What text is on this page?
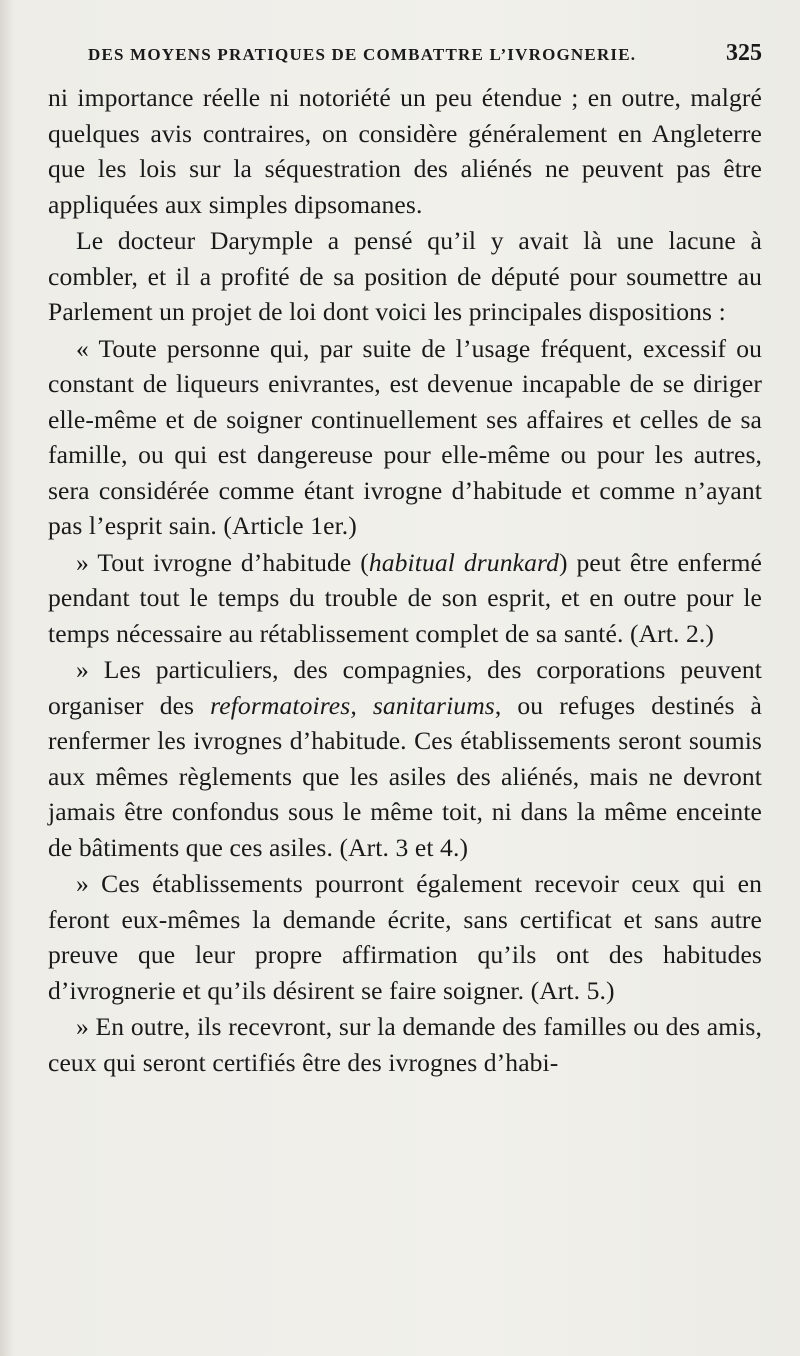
DES MOYENS PRATIQUES DE COMBATTRE L’IVROGNERIE.	325

ni importance réelle ni notoriété un peu étendue ; en outre, malgré quelques avis contraires, on considère généralement en Angleterre que les lois sur la séquestration des aliénés ne peuvent pas être appliquées aux simples dipsomanes.

Le docteur Darymple a pensé qu’il y avait là une lacune à combler, et il a profité de sa position de député pour soumettre au Parlement un projet de loi dont voici les principales dispositions :

« Toute personne qui, par suite de l’usage fréquent, excessif ou constant de liqueurs enivrantes, est devenue incapable de se diriger elle-même et de soigner continuellement ses affaires et celles de sa famille, ou qui est dangereuse pour elle-même ou pour les autres, sera considérée comme étant ivrogne d’habitude et comme n’ayant pas l’esprit sain. (Article 1er.)

» Tout ivrogne d’habitude (habitual drunkard) peut être enfermé pendant tout le temps du trouble de son esprit, et en outre pour le temps nécessaire au rétablissement complet de sa santé. (Art. 2.)

» Les particuliers, des compagnies, des corporations peuvent organiser des reformatoires, sanitariums, ou refuges destinés à renfermer les ivrognes d’habitude. Ces établissements seront soumis aux mêmes règlements que les asiles des aliénés, mais ne devront jamais être confondus sous le même toit, ni dans la même enceinte de bâtiments que ces asiles. (Art. 3 et 4.)

» Ces établissements pourront également recevoir ceux qui en feront eux-mêmes la demande écrite, sans certificat et sans autre preuve que leur propre affirmation qu’ils ont des habitudes d’ivrognerie et qu’ils désirent se faire soigner. (Art. 5.)

» En outre, ils recevront, sur la demande des familles ou des amis, ceux qui seront certifiés être des ivrognes d’habi-
